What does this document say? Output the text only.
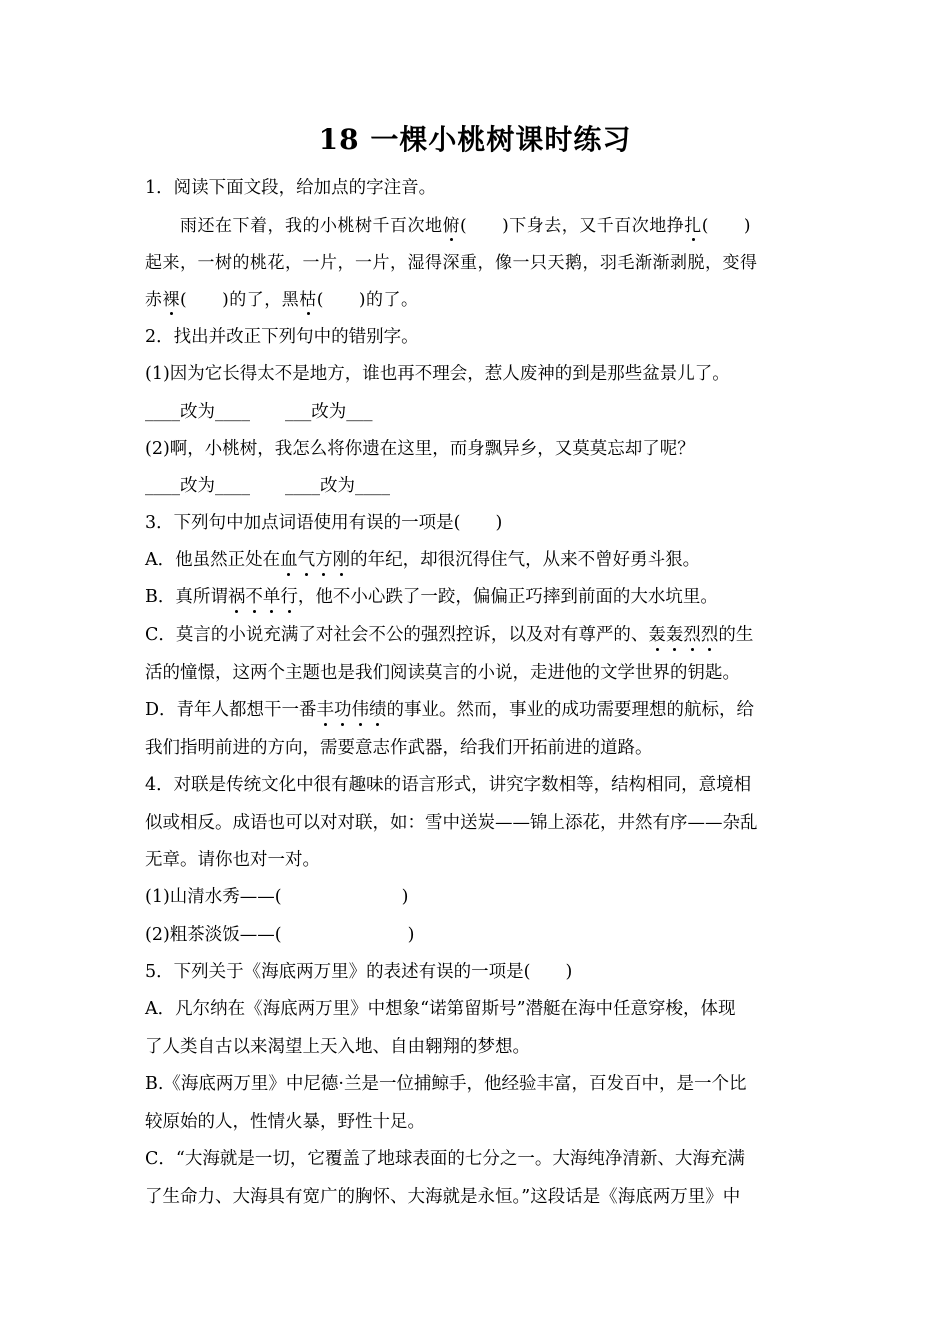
18 一棵小桃树课时练习
1．阅读下面文段，给加点的字注音。
雨还在下着，我的小桃树千百次地俯(　　)下身去，又千百次地挣扎(　　)
起来，一树的桃花，一片，一片，湿得深重，像一只天鹅，羽毛渐渐剥脱，变得
赤裸(　　)的了，黑枯(　　)的了。
2．找出并改正下列句中的错别字。
(1)因为它长得太不是地方，谁也再不理会，惹人废神的到是那些盆景儿了。
____改为____　　___改为___
(2)啊，小桃树，我怎么将你遗在这里，而身飘异乡，又莫莫忘却了呢？
____改为____　　____改为____
3．下列句中加点词语使用有误的一项是(　　)
A．他虽然正处在血气方刚的年纪，却很沉得住气，从来不曾好勇斗狠。
B．真所谓祸不单行，他不小心跌了一跤，偏偏正巧摔到前面的大水坑里。
C．莫言的小说充满了对社会不公的强烈控诉，以及对有尊严的、轰轰烈烈的生
活的憧憬，这两个主题也是我们阅读莫言的小说，走进他的文学世界的钥匙。
D．青年人都想干一番丰功伟绩的事业。然而，事业的成功需要理想的航标，给
我们指明前进的方向，需要意志作武器，给我们开拓前进的道路。
4．对联是传统文化中很有趣味的语言形式，讲究字数相等，结构相同，意境相
似或相反。成语也可以对对联，如：雪中送炭——锦上添花，井然有序——杂乱
无章。请你也对一对。
(1)山清水秀——(	)
(2)粗茶淡饭——(	)
5．下列关于《海底两万里》的表述有误的一项是(　　)
A．凡尔纳在《海底两万里》中想象“诺第留斯号”潜艇在海中任意穿梭，体现
了人类自古以来渴望上天入地、自由翱翔的梦想。
B.《海底两万里》中尼德·兰是一位捕鲸手，他经验丰富，百发百中，是一个比
较原始的人，性情火暴，野性十足。
C．“大海就是一切，它覆盖了地球表面的七分之一。大海纯净清新、大海充满
了生命力、大海具有宽广的胸怀、大海就是永恒。”这段话是《海底两万里》中
